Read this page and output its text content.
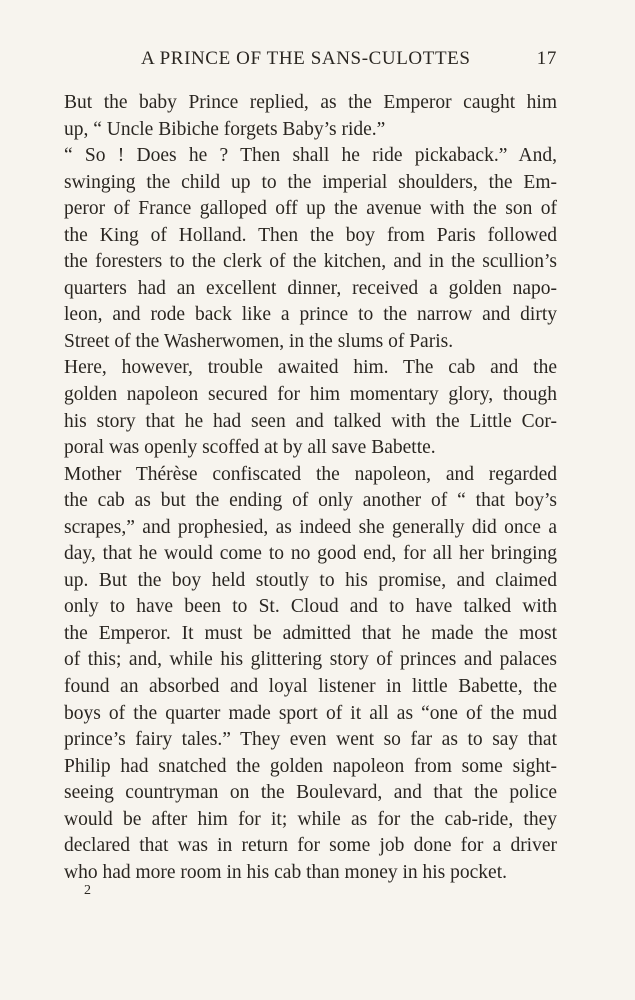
A PRINCE OF THE SANS-CULOTTES	17
But the baby Prince replied, as the Emperor caught him
up, “ Uncle Bibiche forgets Baby’s ride.”
“ So ! Does he ? Then shall he ride pickaback.” And,
swinging the child up to the imperial shoulders, the Em-
peror of France galloped off up the avenue with the son of
the King of Holland. Then the boy from Paris followed
the foresters to the clerk of the kitchen, and in the scullion’s
quarters had an excellent dinner, received a golden napo-
leon, and rode back like a prince to the narrow and dirty
Street of the Washerwomen, in the slums of Paris.
Here, however, trouble awaited him. The cab and the
golden napoleon secured for him momentary glory, though
his story that he had seen and talked with the Little Cor-
poral was openly scoffed at by all save Babette.
Mother Thérèse confiscated the napoleon, and regarded
the cab as but the ending of only another of “ that boy’s
scrapes,” and prophesied, as indeed she generally did once a
day, that he would come to no good end, for all her bringing
up. But the boy held stoutly to his promise, and claimed
only to have been to St. Cloud and to have talked with
the Emperor. It must be admitted that he made the most
of this; and, while his glittering story of princes and palaces
found an absorbed and loyal listener in little Babette, the
boys of the quarter made sport of it all as “one of the mud
prince’s fairy tales.” They even went so far as to say that
Philip had snatched the golden napoleon from some sight-
seeing countryman on the Boulevard, and that the police
would be after him for it; while as for the cab-ride, they
declared that was in return for some job done for a driver
who had more room in his cab than money in his pocket.
2
